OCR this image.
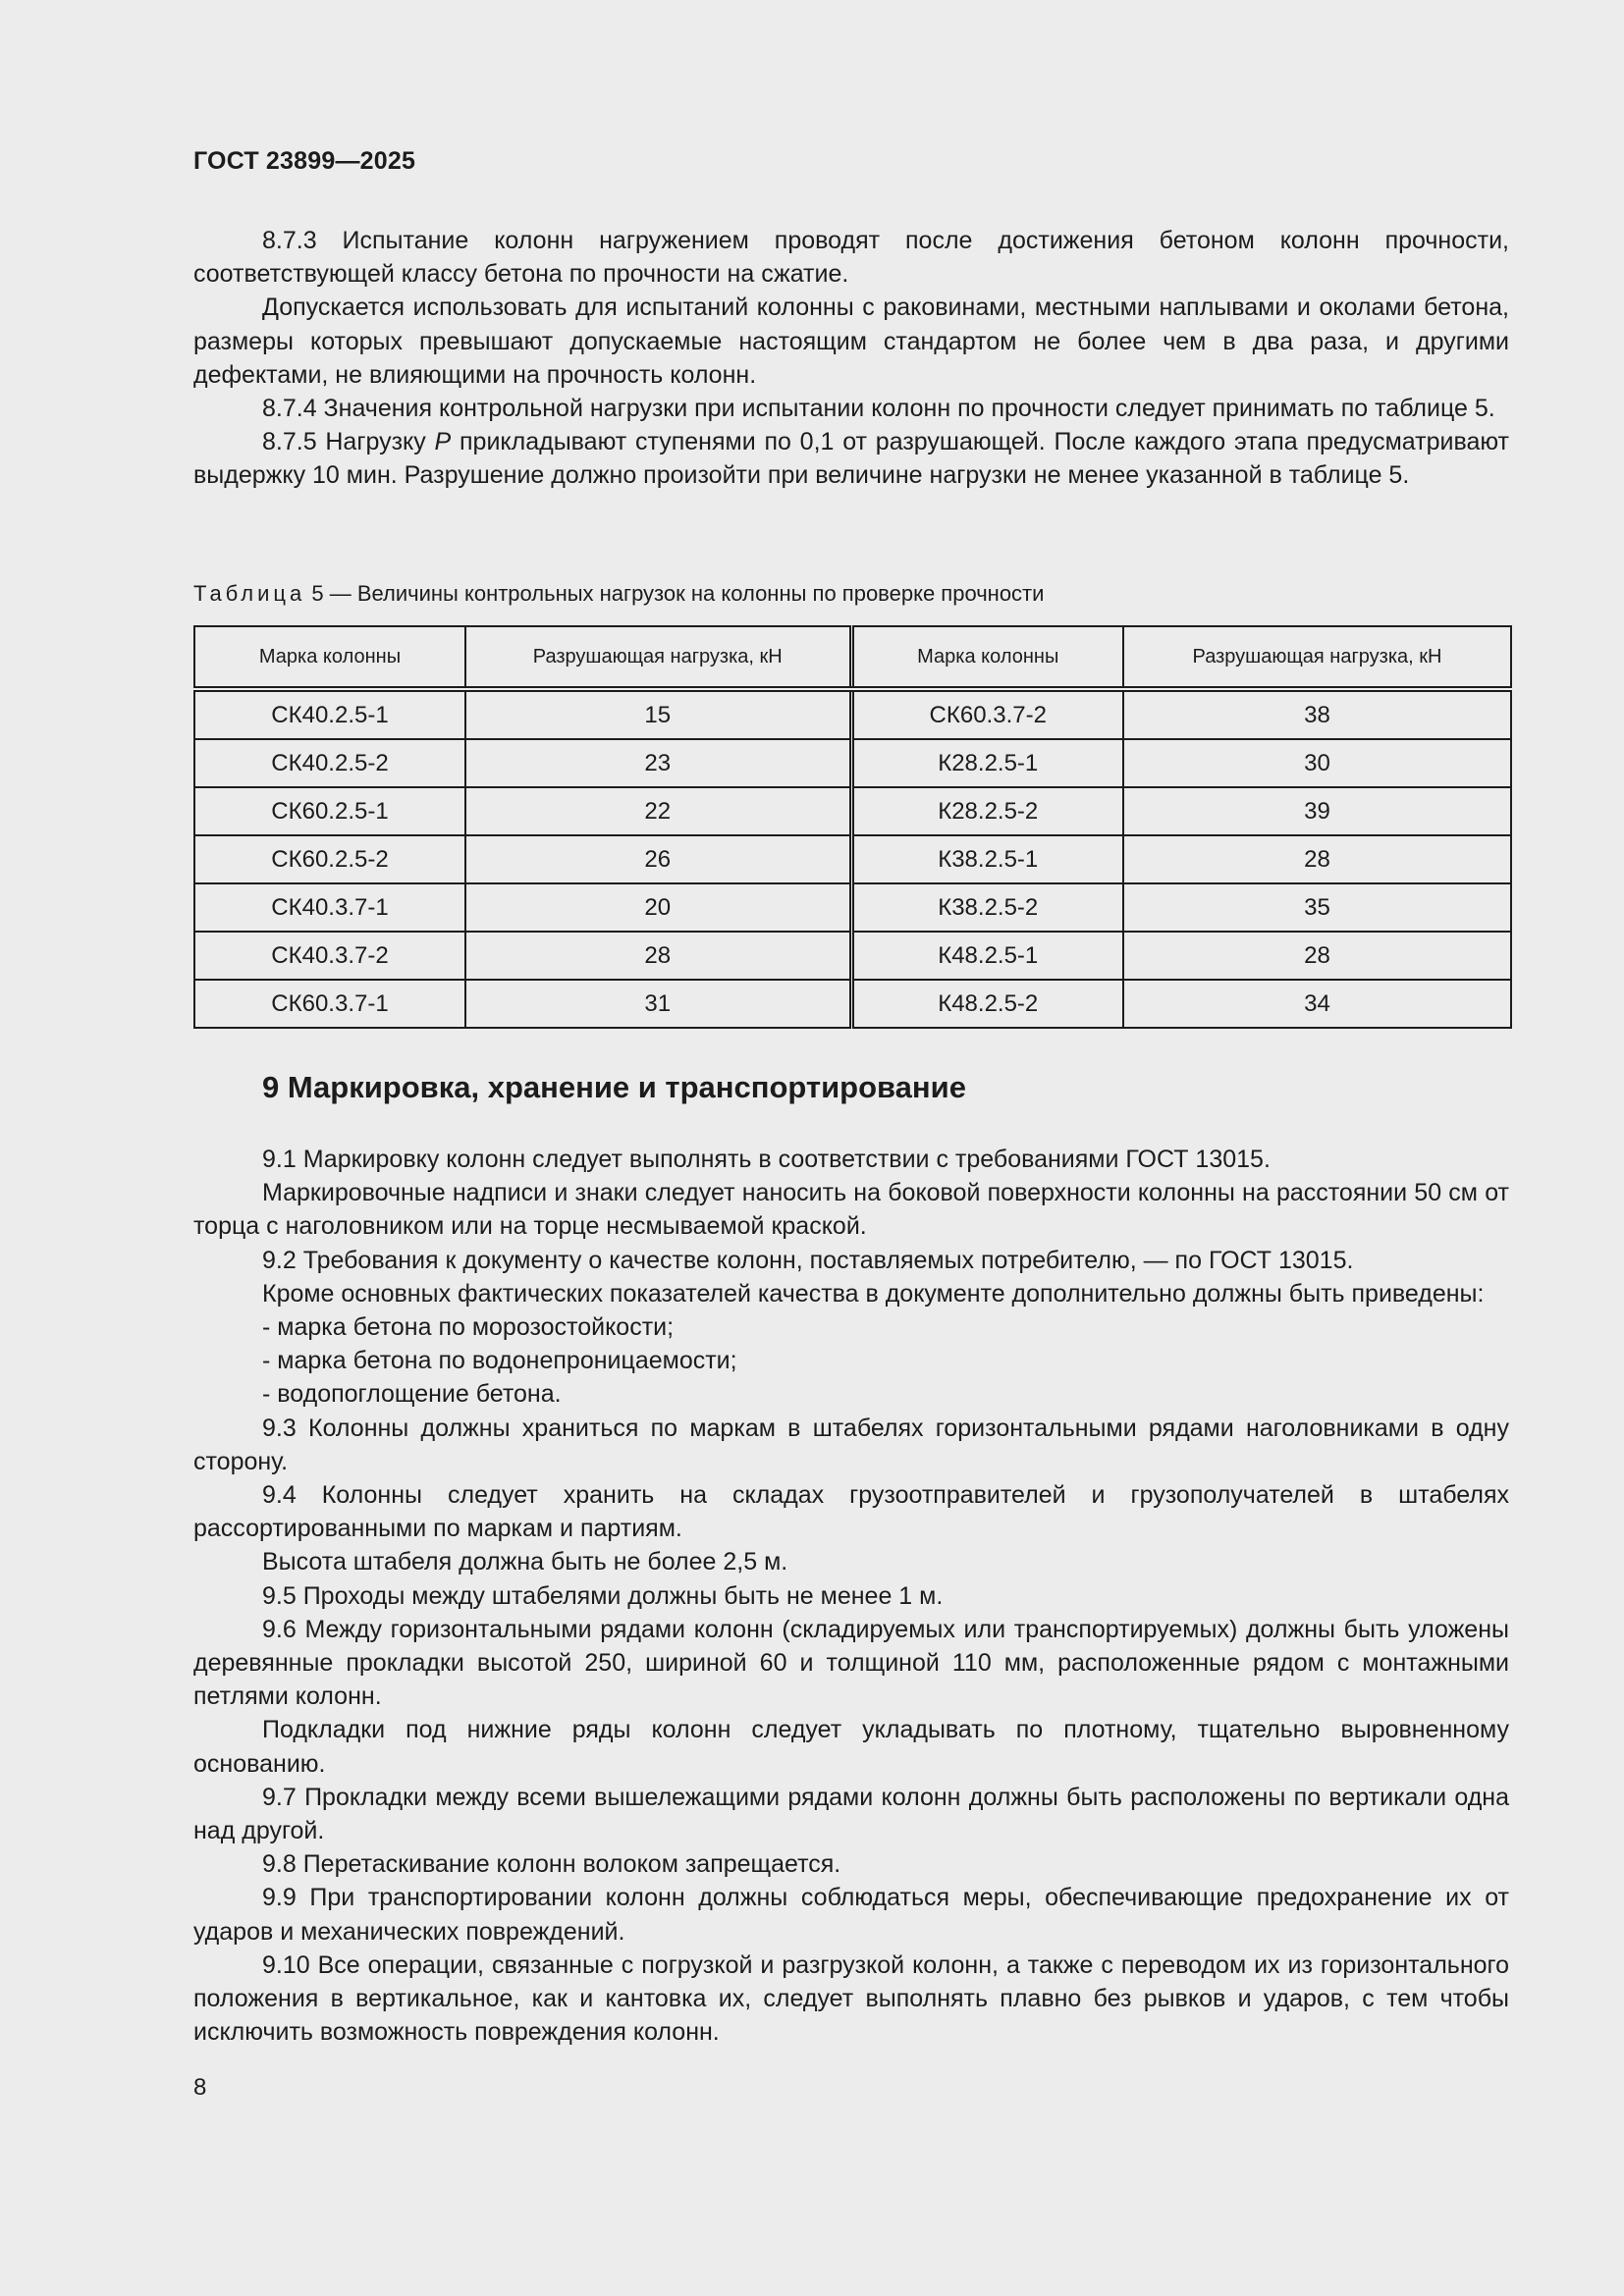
ГОСТ 23899—2025

8.7.3 Испытание колонн нагружением проводят после достижения бетоном колонн прочности, соответствующей классу бетона по прочности на сжатие.

Допускается использовать для испытаний колонны с раковинами, местными наплывами и околами бетона, размеры которых превышают допускаемые настоящим стандартом не более чем в два раза, и другими дефектами, не влияющими на прочность колонн.

8.7.4 Значения контрольной нагрузки при испытании колонн по прочности следует принимать по таблице 5.

8.7.5 Нагрузку P прикладывают ступенями по 0,1 от разрушающей. После каждого этапа предусматривают выдержку 10 мин. Разрушение должно произойти при величине нагрузки не менее указанной в таблице 5.

Таблица 5 — Величины контрольных нагрузок на колонны по проверке прочности
Марка колонны	Разрушающая нагрузка, кН	Марка колонны	Разрушающая нагрузка, кН
СК40.2.5-1	15	СК60.3.7-2	38
СК40.2.5-2	23	К28.2.5-1	30
СК60.2.5-1	22	К28.2.5-2	39
СК60.2.5-2	26	К38.2.5-1	28
СК40.3.7-1	20	К38.2.5-2	35
СК40.3.7-2	28	К48.2.5-1	28
СК60.3.7-1	31	К48.2.5-2	34
9 Маркировка, хранение и транспортирование

9.1 Маркировку колонн следует выполнять в соответствии с требованиями ГОСТ 13015.

Маркировочные надписи и знаки следует наносить на боковой поверхности колонны на расстоянии 50 см от торца с наголовником или на торце несмываемой краской.

9.2 Требования к документу о качестве колонн, поставляемых потребителю, — по ГОСТ 13015.

Кроме основных фактических показателей качества в документе дополнительно должны быть приведены:

- марка бетона по морозостойкости;

- марка бетона по водонепроницаемости;

- водопоглощение бетона.

9.3 Колонны должны храниться по маркам в штабелях горизонтальными рядами наголовниками в одну сторону.

9.4 Колонны следует хранить на складах грузоотправителей и грузополучателей в штабелях рассортированными по маркам и партиям.

Высота штабеля должна быть не более 2,5 м.

9.5 Проходы между штабелями должны быть не менее 1 м.

9.6 Между горизонтальными рядами колонн (складируемых или транспортируемых) должны быть уложены деревянные прокладки высотой 250, шириной 60 и толщиной 110 мм, расположенные рядом с монтажными петлями колонн.

Подкладки под нижние ряды колонн следует укладывать по плотному, тщательно выровненному основанию.

9.7 Прокладки между всеми вышележащими рядами колонн должны быть расположены по вертикали одна над другой.

9.8 Перетаскивание колонн волоком запрещается.

9.9 При транспортировании колонн должны соблюдаться меры, обеспечивающие предохранение их от ударов и механических повреждений.

9.10 Все операции, связанные с погрузкой и разгрузкой колонн, а также с переводом их из горизонтального положения в вертикальное, как и кантовка их, следует выполнять плавно без рывков и ударов, с тем чтобы исключить возможность повреждения колонн.

8
